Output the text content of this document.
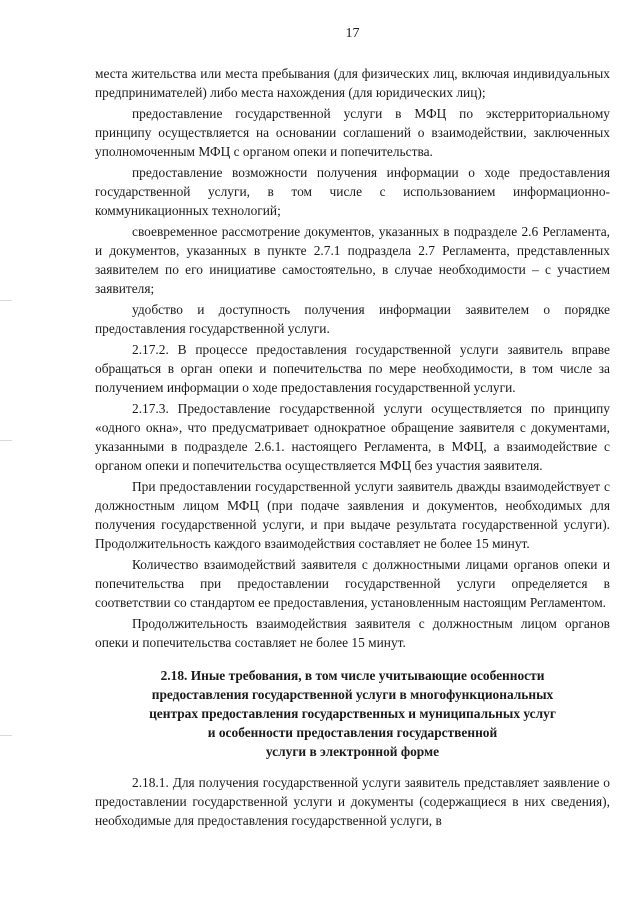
17

места жительства или места пребывания (для физических лиц, включая индивидуальных предпринимателей) либо места нахождения (для юридических лиц);

предоставление государственной услуги в МФЦ по экстерриториальному принципу осуществляется на основании соглашений о взаимодействии, заключенных уполномоченным МФЦ с органом опеки и попечительства.

предоставление возможности получения информации о ходе предоставления государственной услуги, в том числе с использованием информационно-коммуникационных технологий;

своевременное рассмотрение документов, указанных в подразделе 2.6 Регламента, и документов, указанных в пункте 2.7.1 подраздела 2.7 Регламента, представленных заявителем по его инициативе самостоятельно, в случае необходимости – с участием заявителя;

удобство и доступность получения информации заявителем о порядке предоставления государственной услуги.

2.17.2. В процессе предоставления государственной услуги заявитель вправе обращаться в орган опеки и попечительства по мере необходимости, в том числе за получением информации о ходе предоставления государственной услуги.

2.17.3. Предоставление государственной услуги осуществляется по принципу «одного окна», что предусматривает однократное обращение заявителя с документами, указанными в подразделе 2.6.1. настоящего Регламента, в МФЦ, а взаимодействие с органом опеки и попечительства осуществляется МФЦ без участия заявителя.

При предоставлении государственной услуги заявитель дважды взаимодействует с должностным лицом МФЦ (при подаче заявления и документов, необходимых для получения государственной услуги, и при выдаче результата государственной услуги). Продолжительность каждого взаимодействия составляет не более 15 минут.

Количество взаимодействий заявителя с должностными лицами органов опеки и попечительства при предоставлении государственной услуги определяется в соответствии со стандартом ее предоставления, установленным настоящим Регламентом.

Продолжительность взаимодействия заявителя с должностным лицом органов опеки и попечительства составляет не более 15 минут.

2.18. Иные требования, в том числе учитывающие особенности
предоставления государственной услуги в многофункциональных
центрах предоставления государственных и муниципальных услуг
и особенности предоставления государственной
услуги в электронной форме

2.18.1. Для получения государственной услуги заявитель представляет заявление о предоставлении государственной услуги и документы (содержащиеся в них сведения), необходимые для предоставления государственной услуги, в
